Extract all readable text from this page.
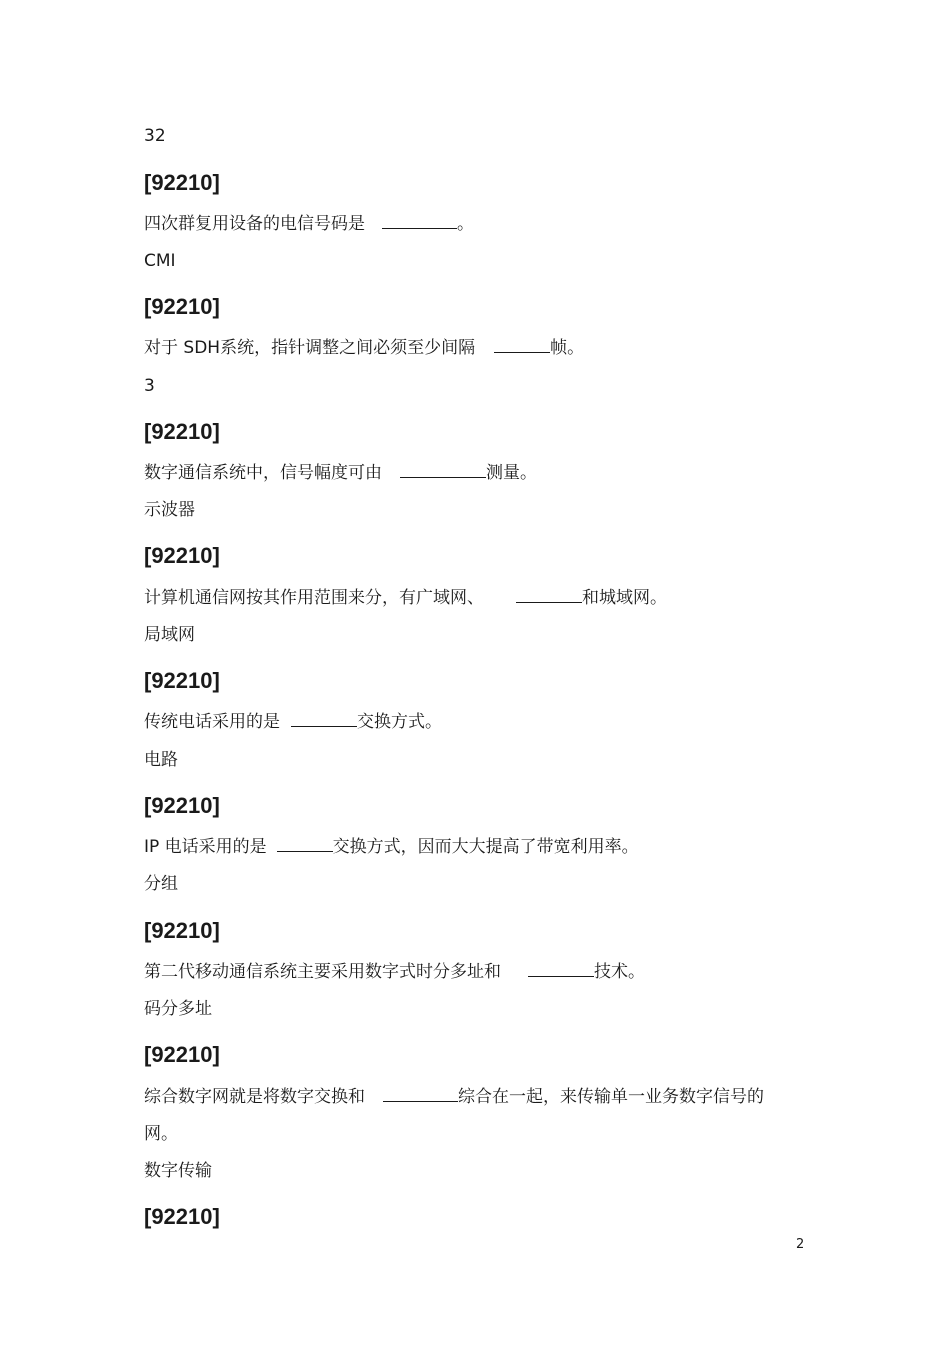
32
[92210]
四次群复用设备的电信号码是	。
CMI
[92210]
对于 SDH系统，指针调整之间必须至少间隔	帧。
3
[92210]
数字通信系统中，信号幅度可由	测量。
示波器
[92210]
计算机通信网按其作用范围来分，有广域网、	和城域网。
局域网
[92210]
传统电话采用的是	交换方式。
电路
[92210]
IP 电话采用的是	交换方式，因而大大提高了带宽利用率。
分组
[92210]
第二代移动通信系统主要采用数字式时分多址和	技术。
码分多址
[92210]
综合数字网就是将数字交换和	综合在一起，来传输单一业务数字信号的
网。
数字传输
[92210]
2
